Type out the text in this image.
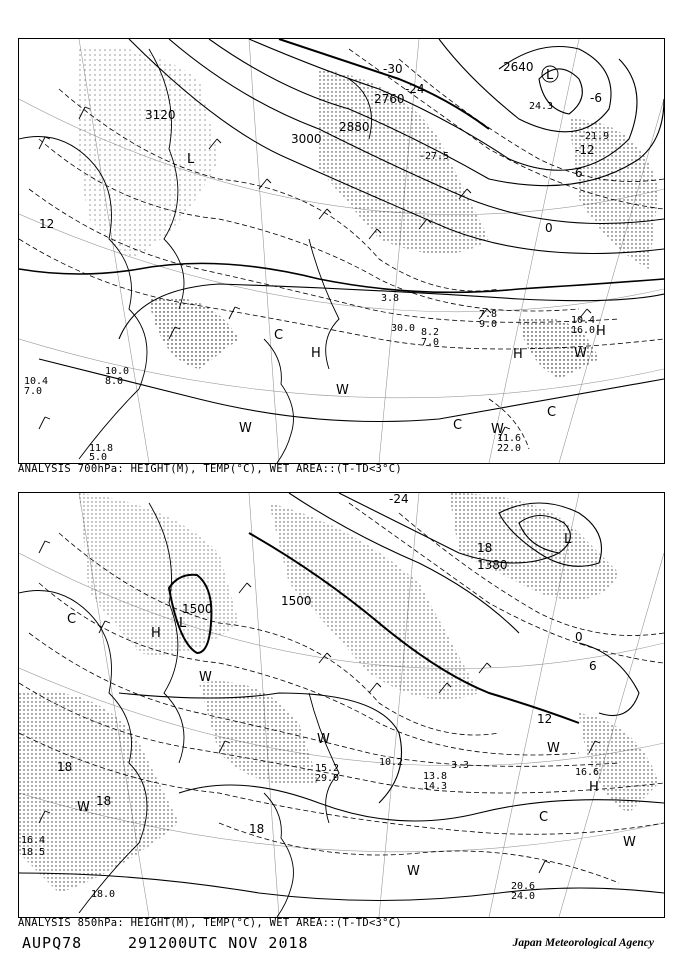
3120
3000
2880
2760
2640
-30
-24
12
6
0
-12
-6
L
L
H	H
H
W
W
W
C
C
C
W
-27.5
-21.9
24.3
10.4
16.0
8.2
7.0
3.8
30.0
7.8
9.0
22.0
11.6
11.8
5.0
10.0
8.0
10.4
7.0
ANALYSIS 700hPa: HEIGHT(M), TEMP(°C), WET AREA::(T-TD<3°C)
1500
1500
1380
-24
18
12
6
0
18
18
18
L
H
L
C
W
W
H
W
C
W
W
W
16.4
18.5
20.6
24.0
18.0
13.8
14.3
16.6
3.3
10.2
29.0
15.2
ANALYSIS 850hPa: HEIGHT(M), TEMP(°C), WET AREA::(T-TD<3°C)
AUPQ78	291200UTC NOV 2018	Japan Meteorological Agency
